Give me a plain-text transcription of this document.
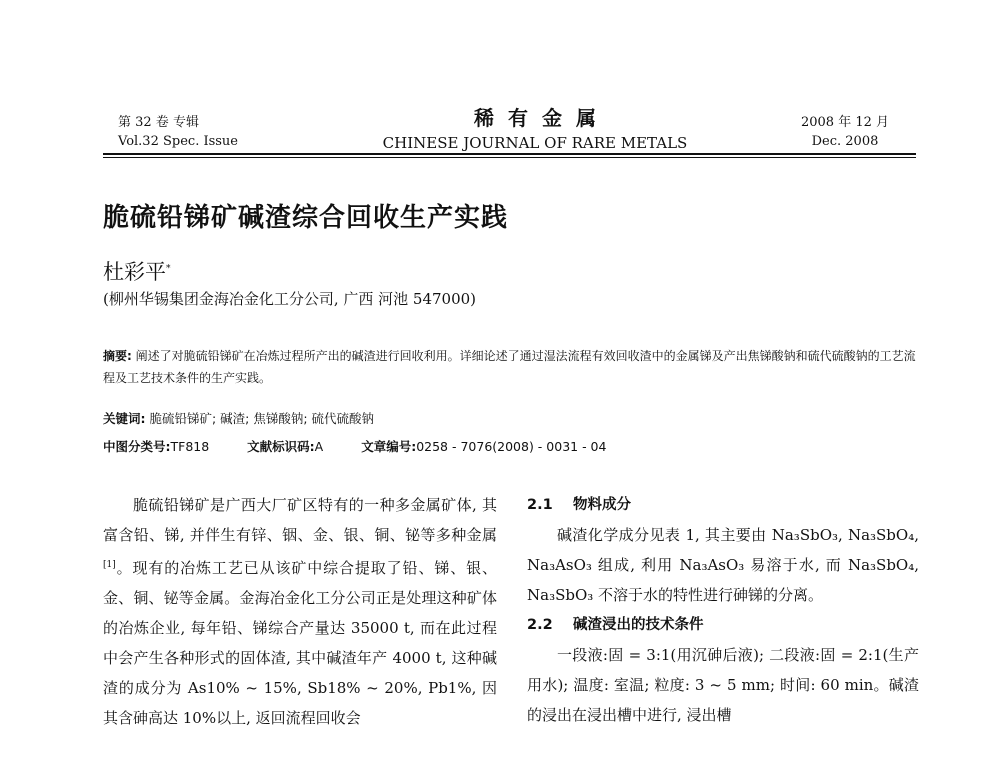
第 32 卷 专辑
Vol.32 Spec. Issue
稀有金属
CHINESE JOURNAL OF RARE METALS
2008 年 12 月
Dec. 2008
脆硫铅锑矿碱渣综合回收生产实践
杜彩平*
(柳州华锡集团金海冶金化工分公司, 广西 河池 547000)
摘要: 阐述了对脆硫铅锑矿在冶炼过程所产出的碱渣进行回收利用。详细论述了通过湿法流程有效回收渣中的金属锑及产出焦锑酸钠和硫代硫酸钠的工艺流程及工艺技术条件的生产实践。
关键词: 脆硫铅锑矿; 碱渣; 焦锑酸钠; 硫代硫酸钠
中图分类号:TF818	文献标识码:A	文章编号:0258 - 7076(2008) - 0031 - 04

脆硫铅锑矿是广西大厂矿区特有的一种多金属矿体, 其富含铅、锑, 并伴生有锌、铟、金、银、铜、铋等多种金属[1]。现有的冶炼工艺已从该矿中综合提取了铅、锑、银、金、铜、铋等金属。金海冶金化工分公司正是处理这种矿体的冶炼企业, 每年铅、锑综合产量达 35000 t, 而在此过程中会产生各种形式的固体渣, 其中碱渣年产 4000 t, 这种碱渣的成分为 As10% ~ 15%, Sb18% ~ 20%, Pb1%, 因其含砷高达 10%以上, 返回流程回收会

2.1 物料成分

碱渣化学成分见表 1, 其主要由 Na₃SbO₃, Na₃SbO₄, Na₃AsO₃ 组成, 利用 Na₃AsO₃ 易溶于水, 而 Na₃SbO₄, Na₃SbO₃ 不溶于水的特性进行砷锑的分离。

2.2 碱渣浸出的技术条件

一段液:固 = 3:1(用沉砷后液); 二段液:固 = 2:1(生产用水); 温度: 室温; 粒度: 3 ~ 5 mm; 时间: 60 min。碱渣的浸出在浸出槽中进行, 浸出槽
